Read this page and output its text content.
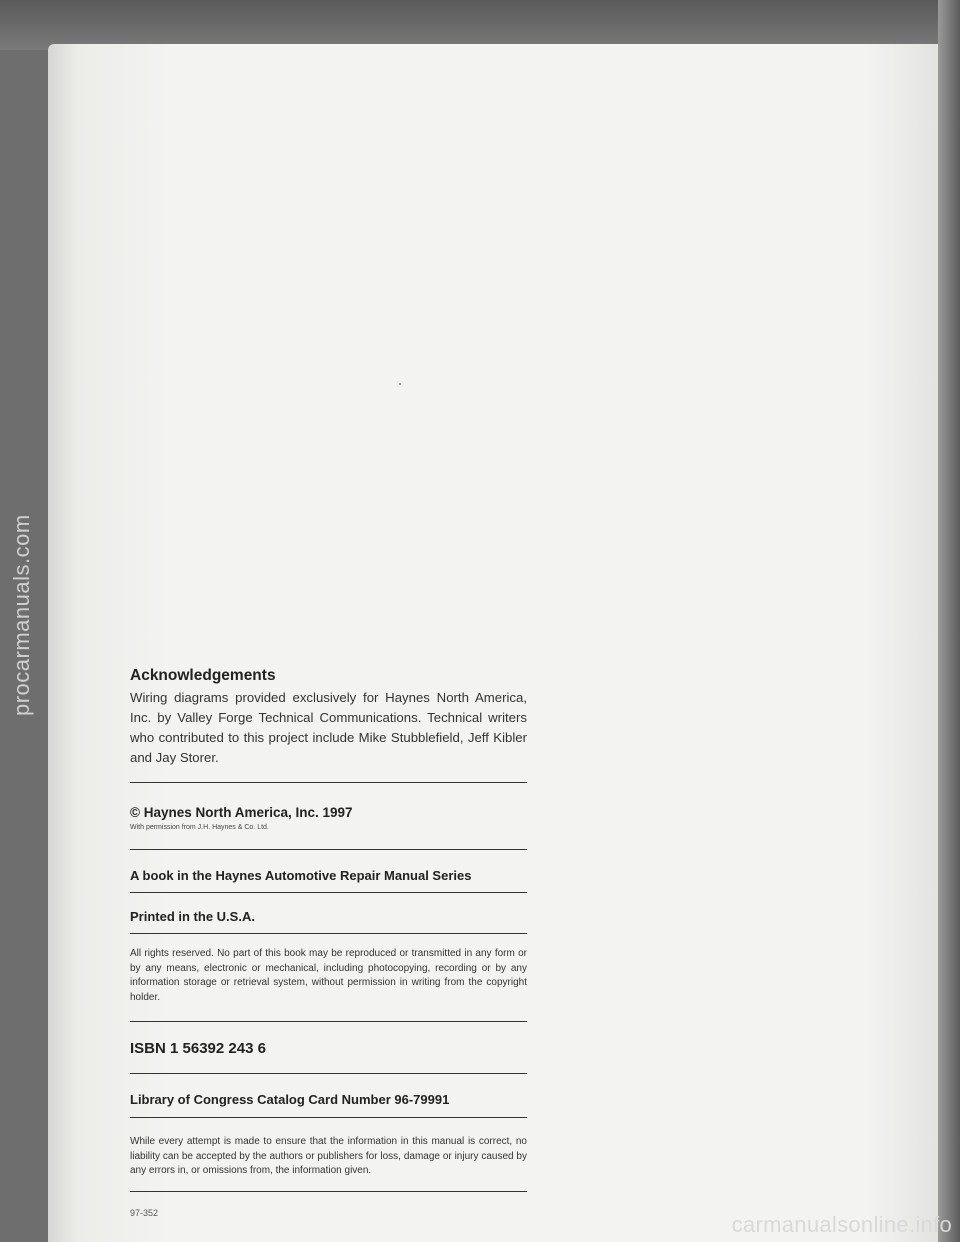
procarmanuals.com
carmanualsonline.info

Acknowledgements

Wiring diagrams provided exclusively for Haynes North America, Inc. by Valley Forge Technical Communications. Technical writers who contributed to this project include Mike Stubblefield, Jeff Kibler and Jay Storer.

© Haynes North America, Inc. 1997

With permission from J.H. Haynes & Co. Ltd.

A book in the Haynes Automotive Repair Manual Series

Printed in the U.S.A.

All rights reserved. No part of this book may be reproduced or transmitted in any form or by any means, electronic or mechanical, including photocopying, recording or by any information storage or retrieval system, without permission in writing from the copyright holder.

ISBN 1 56392 243 6

Library of Congress Catalog Card Number 96-79991

While every attempt is made to ensure that the information in this manual is correct, no liability can be accepted by the authors or publishers for loss, damage or injury caused by any errors in, or omissions from, the information given.

97-352
